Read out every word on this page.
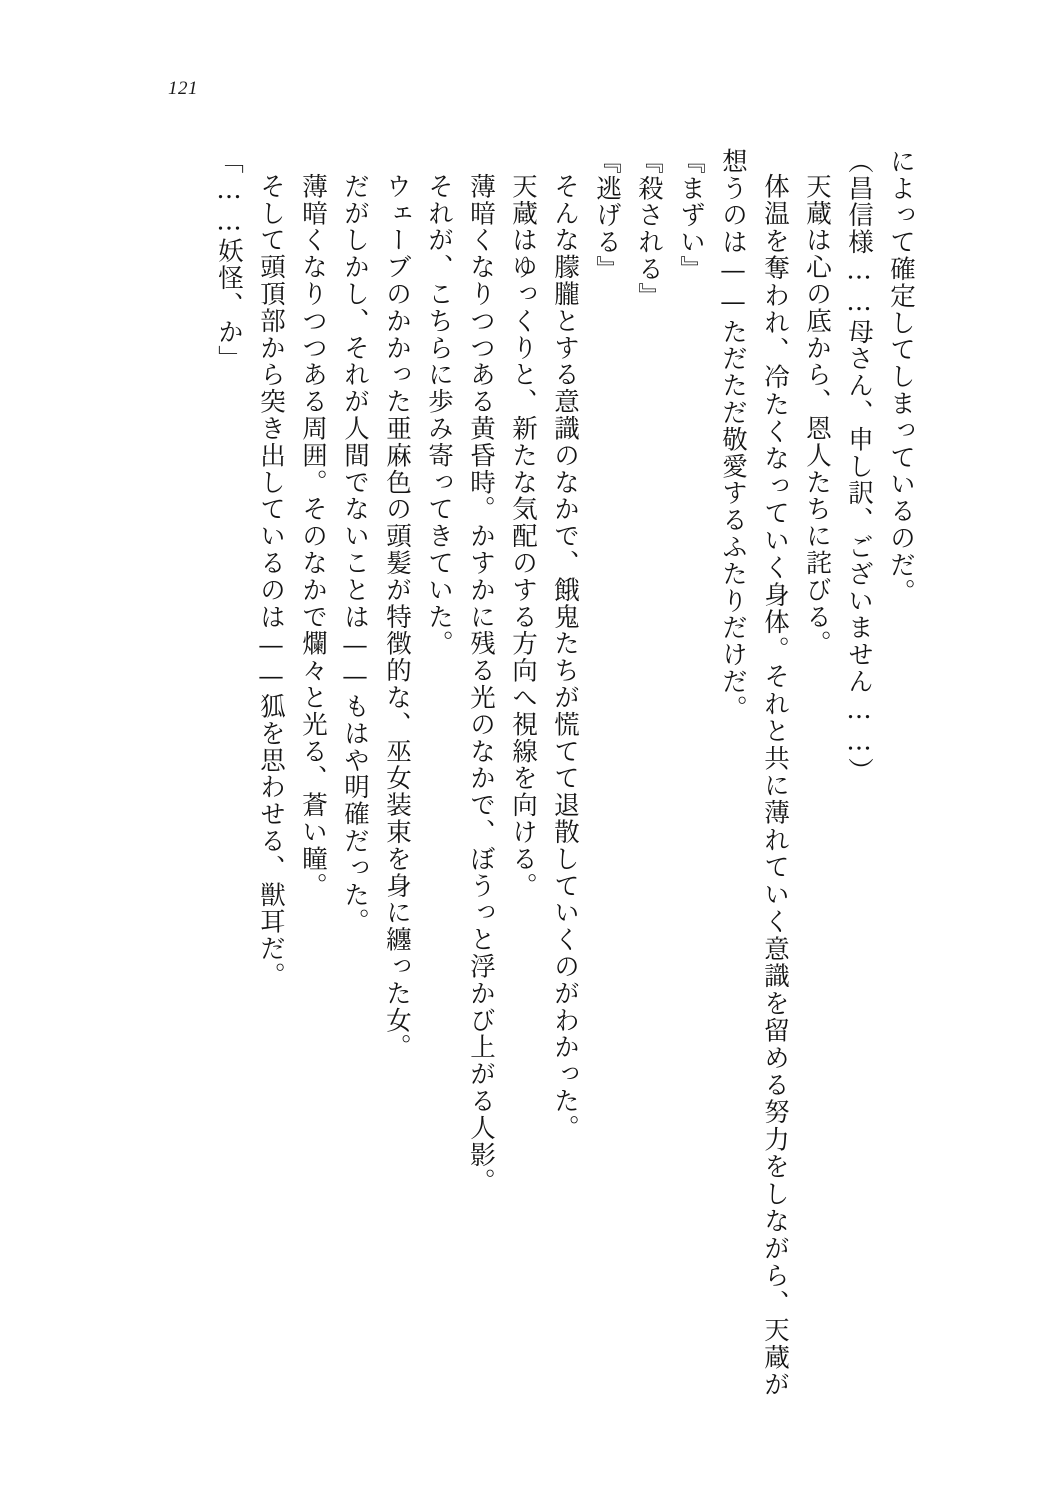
121

によって確定してしまっているのだ。

（昌信様……母さん、申し訳、ございません……）

天蔵は心の底から、恩人たちに詫びる。

体温を奪われ、冷たくなっていく身体。それと共に薄れていく意識を留める努力をしながら、天蔵が想うのは——ただただ敬愛するふたりだけだ。

『まずい』

『殺される』

『逃げる』

そんな朦朧とする意識のなかで、餓鬼たちが慌てて退散していくのがわかった。

天蔵はゆっくりと、新たな気配のする方向へ視線を向ける。

薄暗くなりつつある黄昏時。かすかに残る光のなかで、ぼうっと浮かび上がる人影。

それが、こちらに歩み寄ってきていた。

ウェーブのかかった亜麻色の頭髪が特徴的な、巫女装束を身に纏った女。

だがしかし、それが人間でないことは——もはや明確だった。

薄暗くなりつつある周囲。そのなかで爛々と光る、蒼い瞳。

そして頭頂部から突き出しているのは——狐を思わせる、獣耳だ。

「……妖怪、か」
